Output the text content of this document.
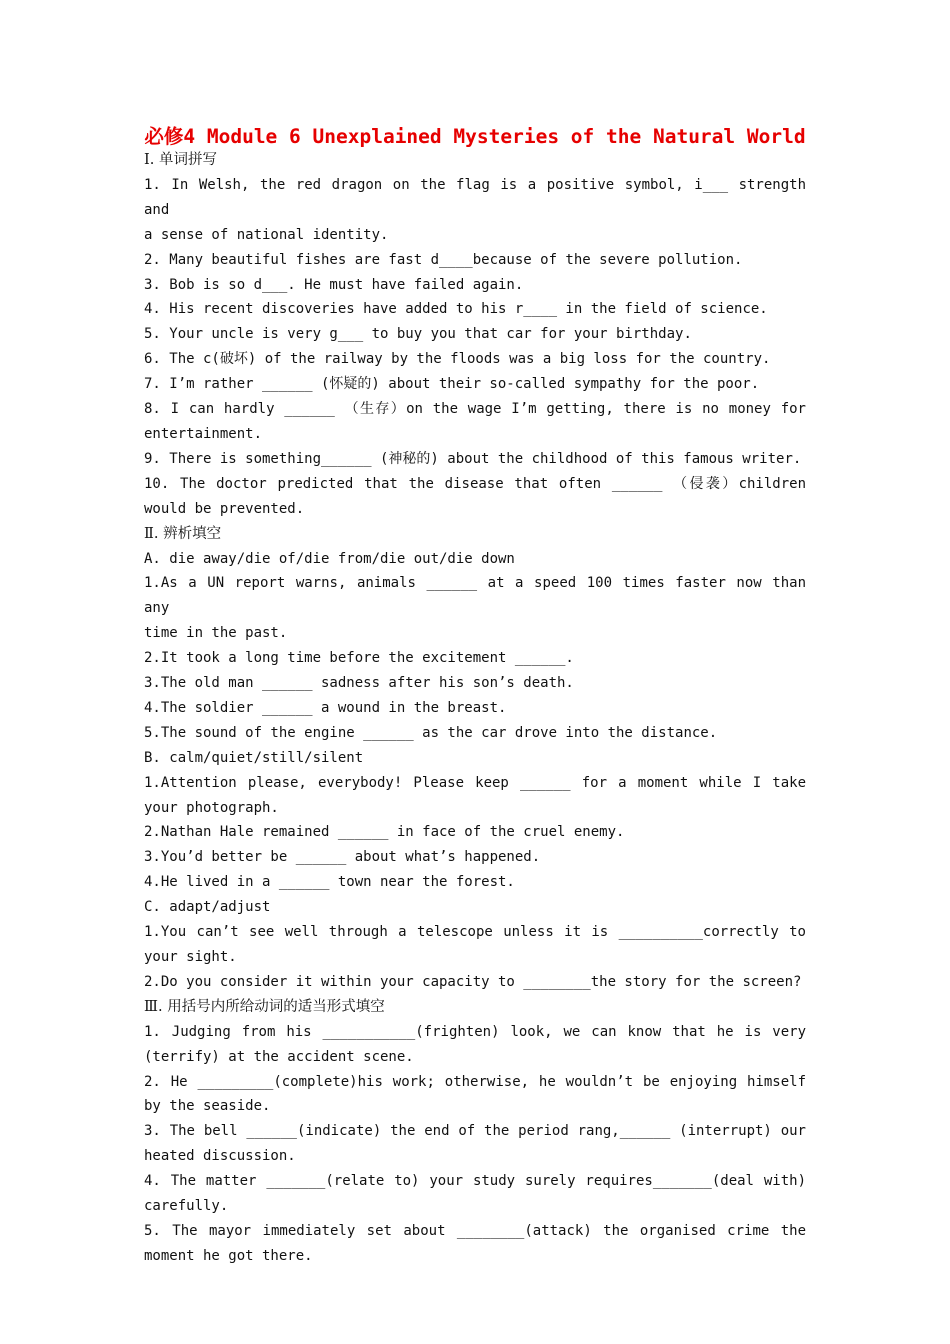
必修4 Module 6 Unexplained Mysteries of the Natural World
Ⅰ. 单词拼写
1. In Welsh, the red dragon on the flag is a positive symbol, i___ strength and
a sense of national identity.
2. Many beautiful fishes are fast d____because of the severe pollution.
3. Bob is so d___. He must have failed again.
4. His recent discoveries have added to his r____ in the field of science.
5. Your uncle is very g___ to buy you that car for your birthday.
6. The c(破坏) of the railway by the floods was a big loss for the country.
7. I’m rather ______ (怀疑的) about their so-called sympathy for the poor.
8. I can hardly ______ （生存）on the wage I’m getting, there is no money for
entertainment.
9. There is something______ (神秘的) about the childhood of this famous writer.
10. The doctor predicted that the disease that often ______ （侵袭）children
would be prevented.
Ⅱ. 辨析填空
A. die away/die of/die from/die out/die down
1.As a UN report warns, animals ______ at a speed 100 times faster now than any
time in the past.
2.It took a long time before the excitement ______.
3.The old man ______ sadness after his son’s death.
4.The soldier ______ a wound in the breast.
5.The sound of the engine ______ as the car drove into the distance.
B. calm/quiet/still/silent
1.Attention please, everybody! Please keep ______ for a moment while I take
your photograph.
2.Nathan Hale remained ______ in face of the cruel enemy.
3.You’d better be ______ about what’s happened.
4.He lived in a ______ town near the forest.
C. adapt/adjust
1.You can’t see well through a telescope unless it is __________correctly to
your sight.
2.Do you consider it within your capacity to ________the story for the screen?
Ⅲ. 用括号内所给动词的适当形式填空
1. Judging from his ___________(frighten) look, we can know that he is very
(terrify) at the accident scene.
2. He _________(complete)his work; otherwise, he wouldn’t be enjoying himself
by the seaside.
3. The bell ______(indicate) the end of the period rang,______ (interrupt) our
heated discussion.
4. The matter _______(relate to) your study surely requires_______(deal with)
carefully.
5. The mayor immediately set about ________(attack) the organised crime the
moment he got there.
